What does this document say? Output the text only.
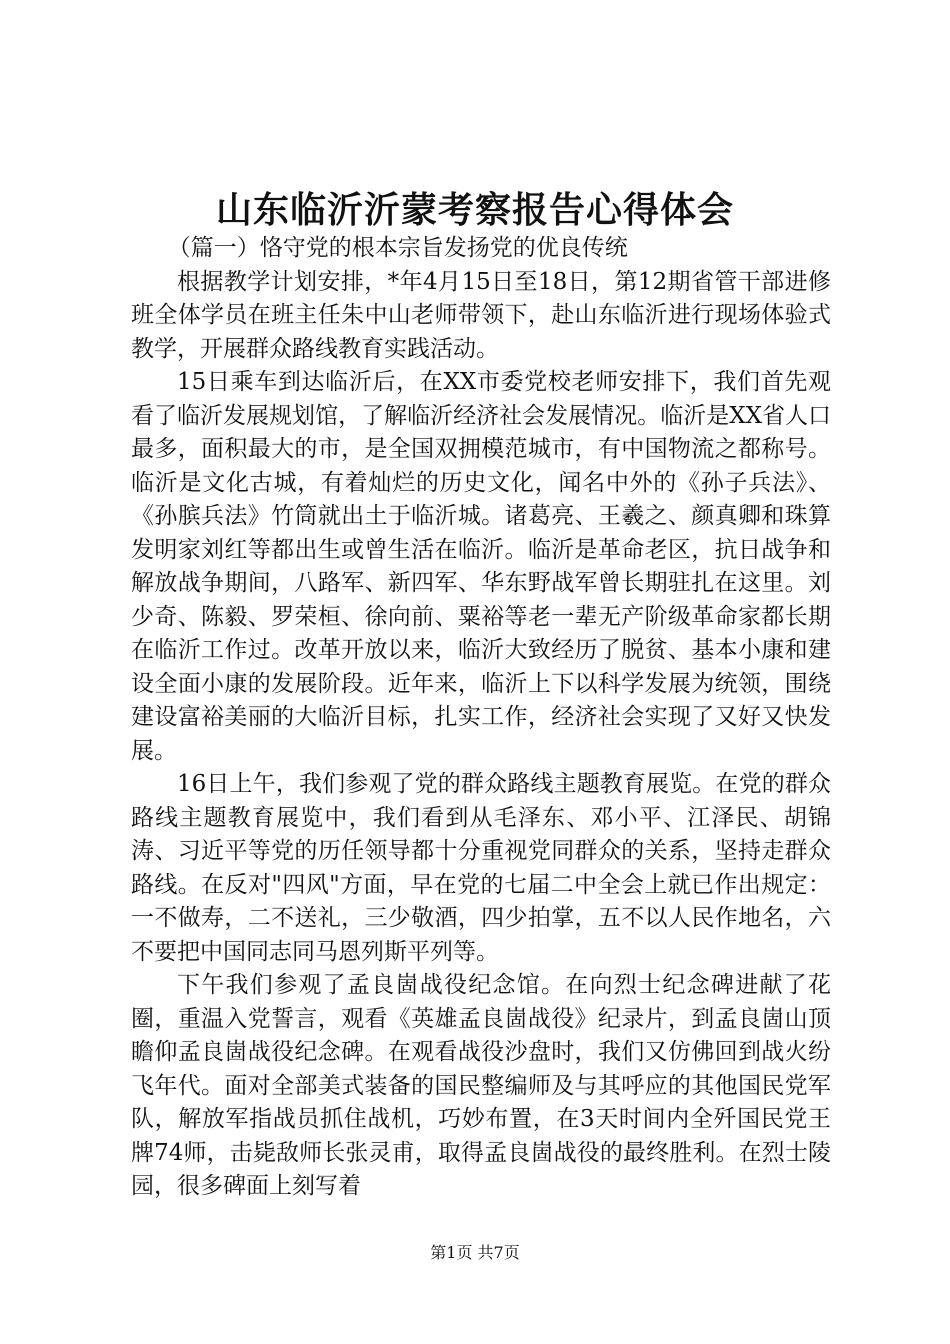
山东临沂沂蒙考察报告心得体会

（篇一）恪守党的根本宗旨发扬党的优良传统

根据教学计划安排，*年4月15日至18日，第12期省管干部进修班全体学员在班主任朱中山老师带领下，赴山东临沂进行现场体验式教学，开展群众路线教育实践活动。

15日乘车到达临沂后，在XX市委党校老师安排下，我们首先观看了临沂发展规划馆，了解临沂经济社会发展情况。临沂是XX省人口最多，面积最大的市，是全国双拥模范城市，有中国物流之都称号。临沂是文化古城，有着灿烂的历史文化，闻名中外的《孙子兵法》、《孙膑兵法》竹筒就出土于临沂城。诸葛亮、王羲之、颜真卿和珠算发明家刘红等都出生或曾生活在临沂。临沂是革命老区，抗日战争和解放战争期间，八路军、新四军、华东野战军曾长期驻扎在这里。刘少奇、陈毅、罗荣桓、徐向前、粟裕等老一辈无产阶级革命家都长期在临沂工作过。改革开放以来，临沂大致经历了脱贫、基本小康和建设全面小康的发展阶段。近年来，临沂上下以科学发展为统领，围绕建设富裕美丽的大临沂目标，扎实工作，经济社会实现了又好又快发展。

16日上午，我们参观了党的群众路线主题教育展览。在党的群众路线主题教育展览中，我们看到从毛泽东、邓小平、江泽民、胡锦涛、习近平等党的历任领导都十分重视党同群众的关系，坚持走群众路线。在反对"四风"方面，早在党的七届二中全会上就已作出规定：一不做寿，二不送礼，三少敬酒，四少拍掌，五不以人民作地名，六不要把中国同志同马恩列斯平列等。

下午我们参观了孟良崮战役纪念馆。在向烈士纪念碑进献了花圈，重温入党誓言，观看《英雄孟良崮战役》纪录片，到孟良崮山顶瞻仰孟良崮战役纪念碑。在观看战役沙盘时，我们又仿佛回到战火纷飞年代。面对全部美式装备的国民整编师及与其呼应的其他国民党军队，解放军指战员抓住战机，巧妙布置，在3天时间内全歼国民党王牌74师，击毙敌师长张灵甫，取得孟良崮战役的最终胜利。在烈士陵园，很多碑面上刻写着

第1页 共7页
